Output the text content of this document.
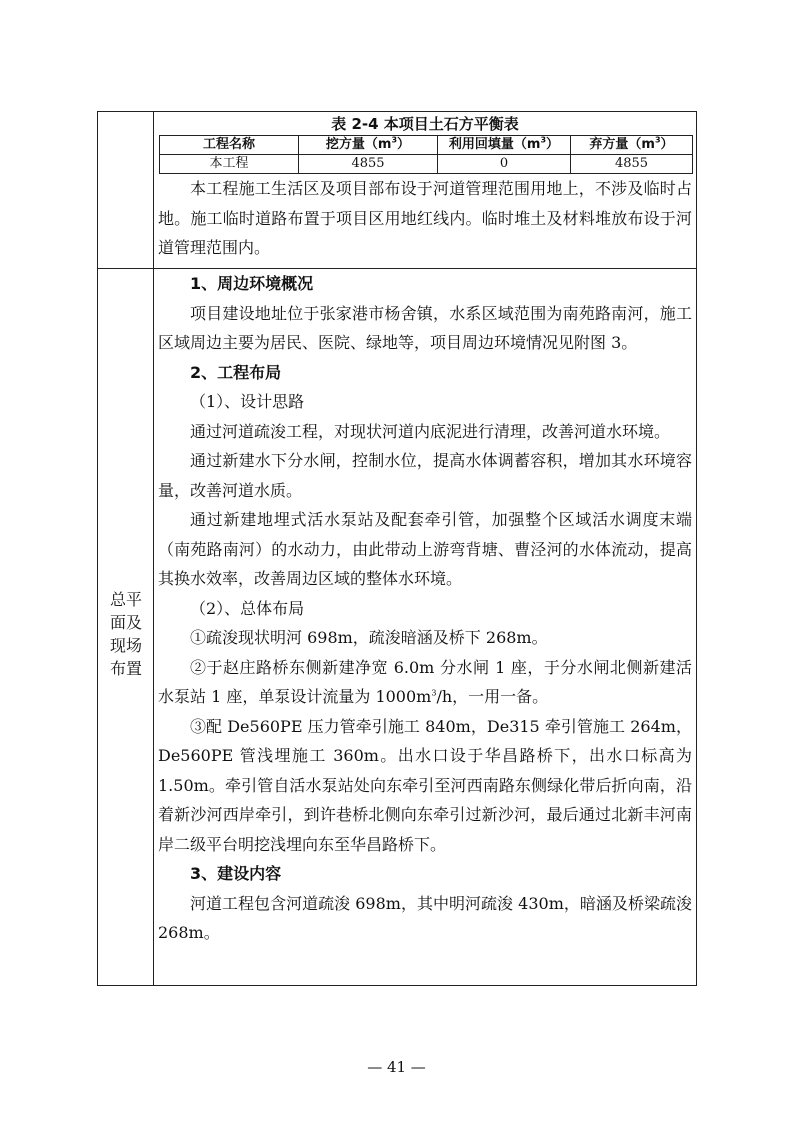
表 2-4 本项目土石方平衡表
工程名称	挖方量$(m^3)$	利用回填量$(m^3)$	弃方量$(m^3)$
本工程	4855	0	4855

本工程施工生活区及项目部布设于河道管理范围用地上，不涉及临时占地。施工临时道路布置于项目区用地红线内。临时堆土及材料堆放布设于河道管理范围内。

总平
面及
现场
布置

1、周边环境概况

项目建设地址位于张家港市杨舍镇，水系区域范围为南苑路南河，施工区域周边主要为居民、医院、绿地等，项目周边环境情况见附图 3。

2、工程布局

（1）、设计思路

通过河道疏浚工程，对现状河道内底泥进行清理，改善河道水环境。

通过新建水下分水闸，控制水位，提高水体调蓄容积，增加其水环境容量，改善河道水质。

通过新建地埋式活水泵站及配套牵引管，加强整个区域活水调度末端（南苑路南河）的水动力，由此带动上游弯背塘、曹泾河的水体流动，提高其换水效率，改善周边区域的整体水环境。

（2）、总体布局

①疏浚现状明河 698m，疏浚暗涵及桥下 268m。

②于赵庄路桥东侧新建净宽 6.0m 分水闸 1 座，于分水闸北侧新建活水泵站 1 座，单泵设计流量为 $1000m^3/h$，一用一备。

③配 De560PE 压力管牵引施工 840m，De315 牵引管施工 264m，De560PE 管浅埋施工 360m。出水口设于华昌路桥下，出水口标高为 1.50m。牵引管自活水泵站处向东牵引至河西南路东侧绿化带后折向南，沿着新沙河西岸牵引，到许巷桥北侧向东牵引过新沙河，最后通过北新丰河南岸二级平台明挖浅埋向东至华昌路桥下。

3、建设内容

河道工程包含河道疏浚 698m，其中明河疏浚 430m，暗涵及桥梁疏浚 268m。

— 41 —
